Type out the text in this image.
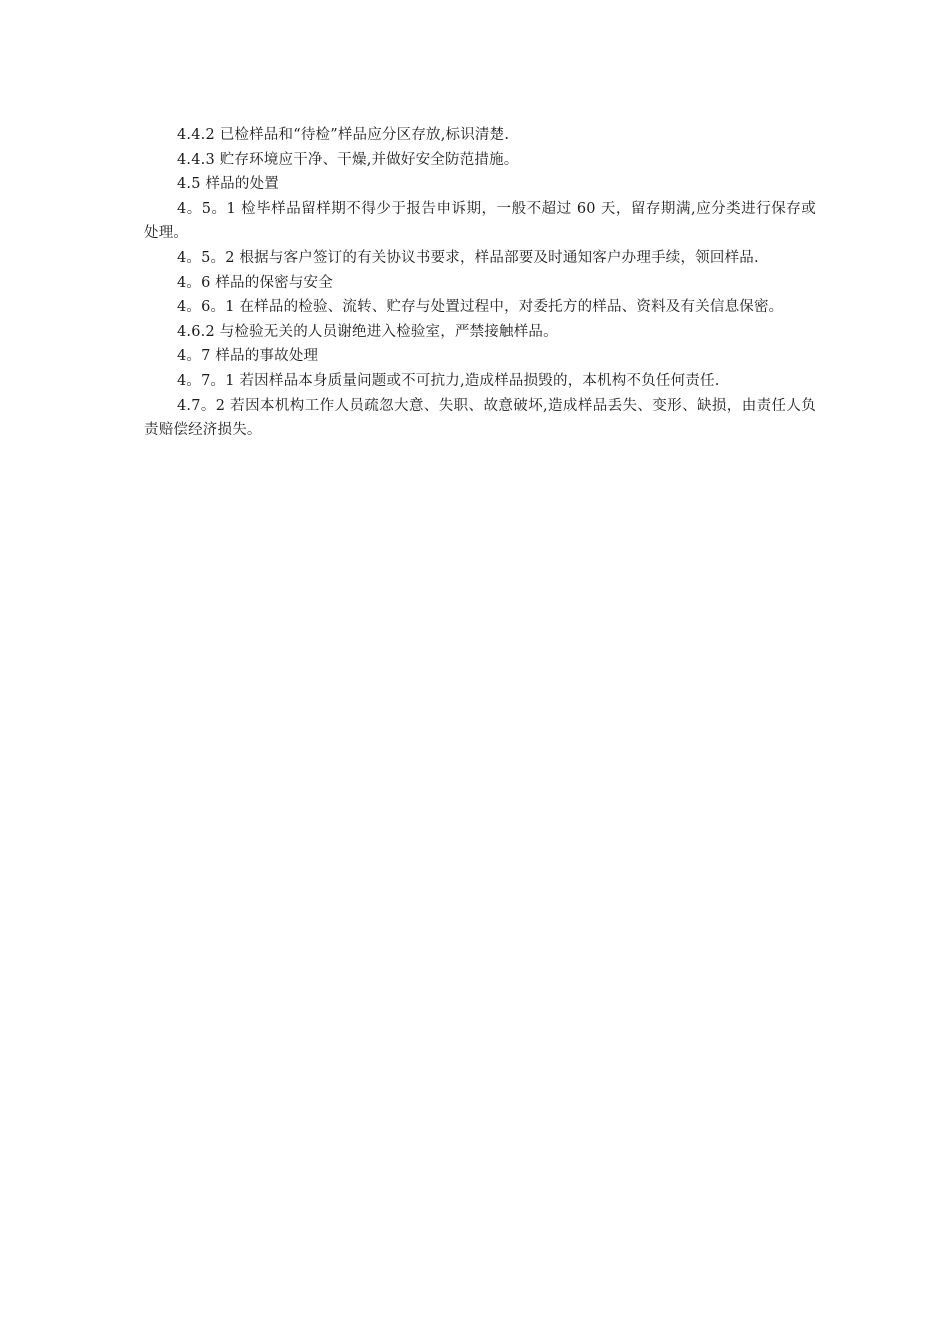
4.4.2 已检样品和“待检”样品应分区存放,标识清楚.

4.4.3 贮存环境应干净、干燥,并做好安全防范措施。

4.5 样品的处置

4。5。1 检毕样品留样期不得少于报告申诉期，一般不超过 60 天，留存期满,应分类进行保存或处理。

4。5。2 根据与客户签订的有关协议书要求，样品部要及时通知客户办理手续，领回样品.

4。6 样品的保密与安全

4。6。1 在样品的检验、流转、贮存与处置过程中，对委托方的样品、资料及有关信息保密。

4.6.2 与检验无关的人员谢绝进入检验室，严禁接触样品。

4。7 样品的事故处理

4。7。1 若因样品本身质量问题或不可抗力,造成样品损毁的，本机构不负任何责任.

4.7。2 若因本机构工作人员疏忽大意、失职、故意破坏,造成样品丢失、变形、缺损，由责任人负责赔偿经济损失。
